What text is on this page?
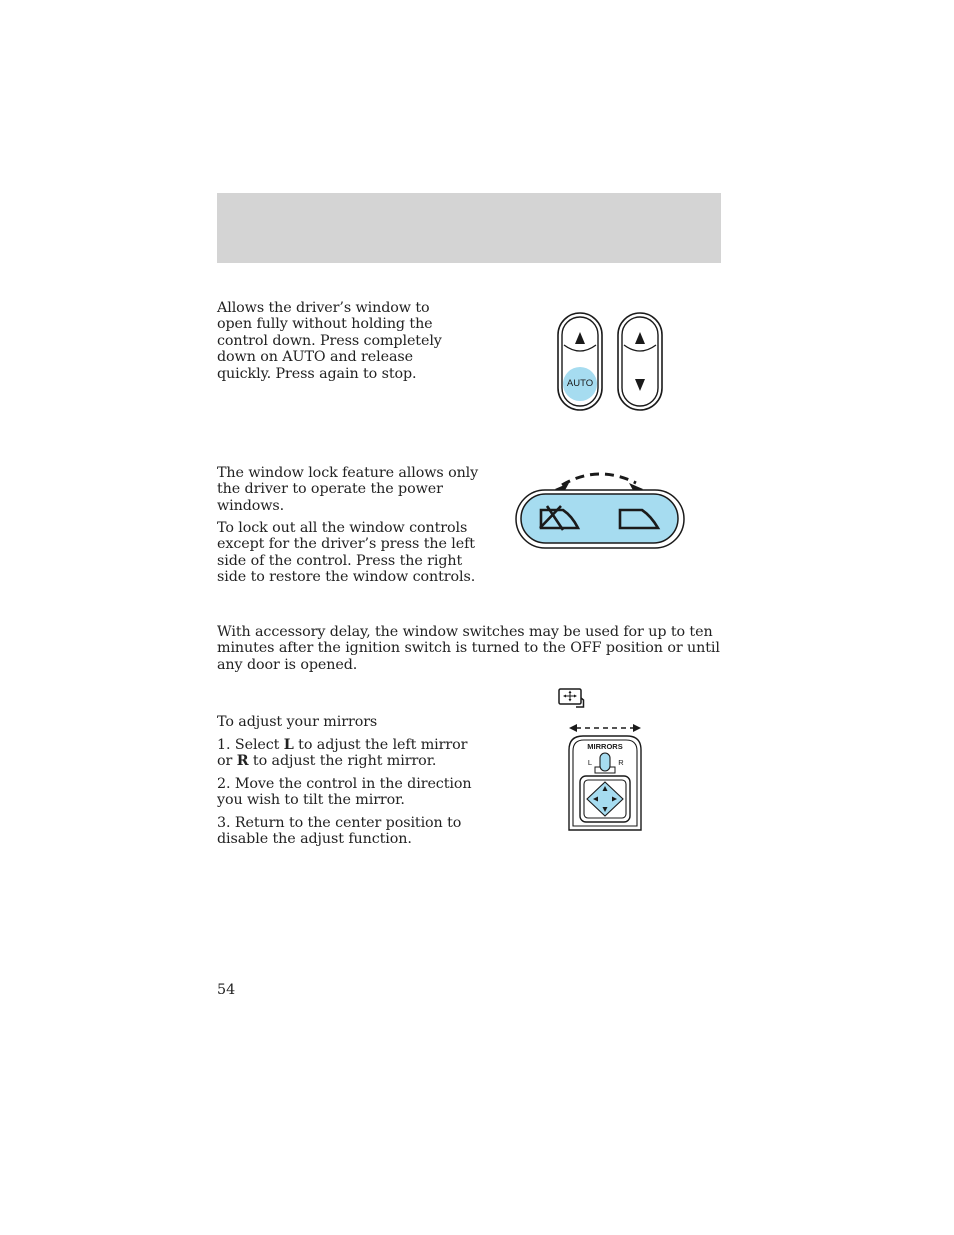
Allows the driver’s window to open fully without holding the control down. Press completely down on AUTO and release quickly. Press again to stop.

AUTO

The window lock feature allows only the driver to operate the power windows.

To lock out all the window controls except for the driver’s press the left side of the control. Press the right side to restore the window controls.

With accessory delay, the window switches may be used for up to ten minutes after the ignition switch is turned to the OFF position or until any door is opened.

To adjust your mirrors

1. Select L to adjust the left mirror or R to adjust the right mirror.

2. Move the control in the direction you wish to tilt the mirror.

3. Return to the center position to disable the adjust function.

MIRRORS
L	R
54
